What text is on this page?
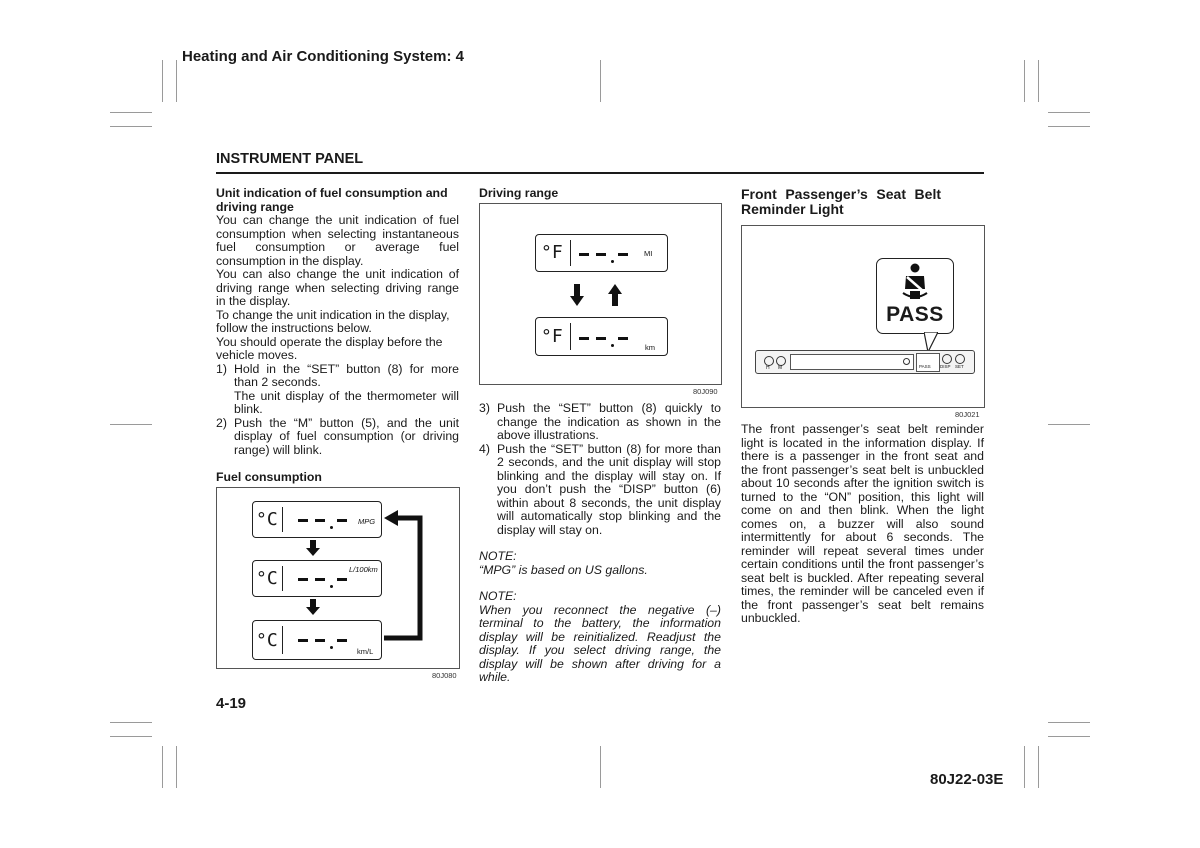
Heating and Air Conditioning System: 4
INSTRUMENT PANEL

Unit indication of fuel consumption and driving range

You can change the unit indication of fuel consumption when selecting instantaneous fuel consumption or average fuel consumption in the display.

You can also change the unit indication of driving range when selecting driving range in the display.

To change the unit indication in the display, follow the instructions below.

You should operate the display before the vehicle moves.

1) Hold in the “SET” button (8) for more than 2 seconds.
The unit display of the thermometer will blink.
2) Push the “M” button (5), and the unit display of fuel consumption (or driving range) will blink.

Fuel consumption

°C	MPG
°C	L/100km
°C
km/L
80J080

Driving range

°F	MI
°F
km
80J090
3) Push the “SET” button (8) quickly to change the indication as shown in the above illustrations.
4) Push the “SET” button (8) for more than 2 seconds, and the unit display will stop blinking and the display will stay on. If you don’t push the “DISP” button (6) within about 8 seconds, the unit display will automatically stop blinking and the display will stay on.

NOTE:

“MPG” is based on US gallons.

NOTE:

When you reconnect the negative (–) terminal to the battery, the information display will be reinitialized. Readjust the display. If you select driving range, the display will be shown after driving for a while.

Front Passenger’s Seat Belt Reminder Light

PASS
H M	PASS DISP SET
80J021

The front passenger’s seat belt reminder light is located in the information display. If there is a passenger in the front seat and the front passenger’s seat belt is unbuckled about 10 seconds after the ignition switch is turned to the “ON” position, this light will come on and then blink. When the light comes on, a buzzer will also sound intermittently for about 6 seconds. The reminder will repeat several times under certain conditions until the front passenger’s seat belt is buckled. After repeating several times, the reminder will be canceled even if the front passenger’s seat belt remains unbuckled.

4-19
80J22-03E
